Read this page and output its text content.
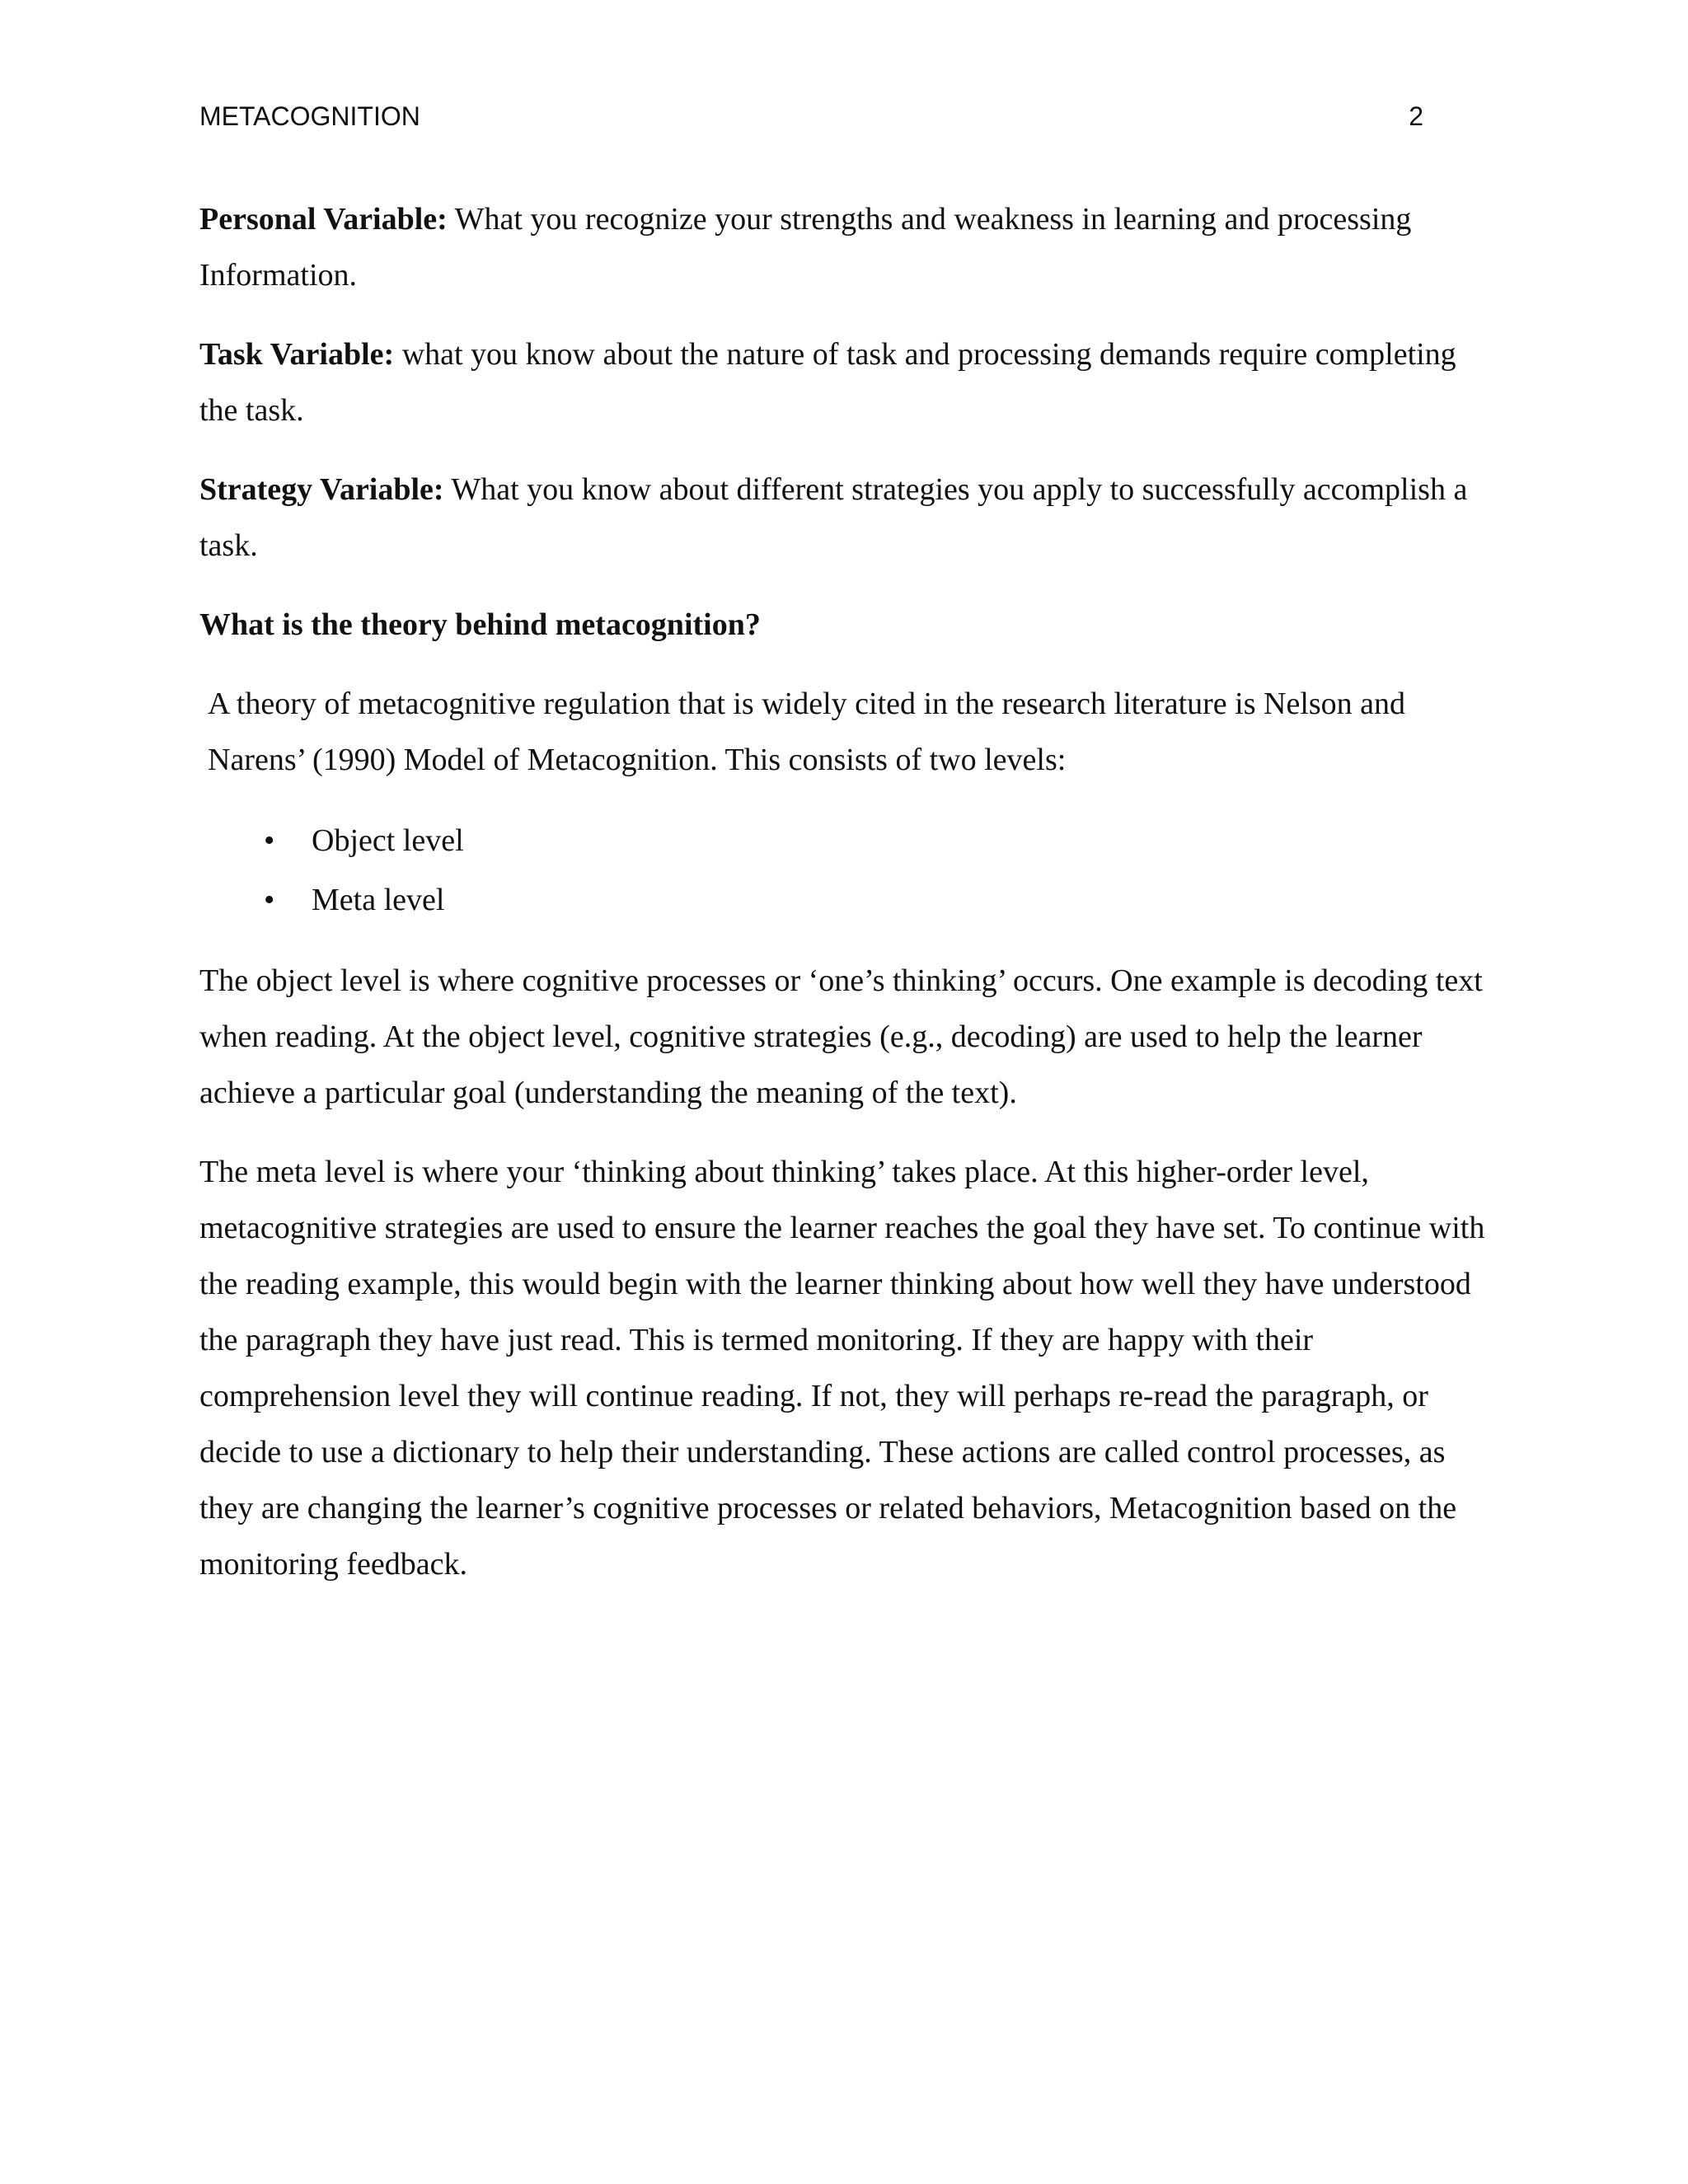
METACOGNITION	2

Personal Variable: What you recognize your strengths and weakness in learning and processing Information.

Task Variable: what you know about the nature of task and processing demands require completing the task.

Strategy Variable: What you know about different strategies you apply to successfully accomplish a task.

What is the theory behind metacognition?

A theory of metacognitive regulation that is widely cited in the research literature is Nelson and Narens’ (1990) Model of Metacognition. This consists of two levels:

• Object level
• Meta level

The object level is where cognitive processes or ‘one’s thinking’ occurs. One example is decoding text when reading. At the object level, cognitive strategies (e.g., decoding) are used to help the learner achieve a particular goal (understanding the meaning of the text).

The meta level is where your ‘thinking about thinking’ takes place. At this higher-order level, metacognitive strategies are used to ensure the learner reaches the goal they have set. To continue with the reading example, this would begin with the learner thinking about how well they have understood the paragraph they have just read. This is termed monitoring. If they are happy with their comprehension level they will continue reading. If not, they will perhaps re-read the paragraph, or decide to use a dictionary to help their understanding. These actions are called control processes, as they are changing the learner’s cognitive processes or related behaviors, Metacognition based on the monitoring feedback.
